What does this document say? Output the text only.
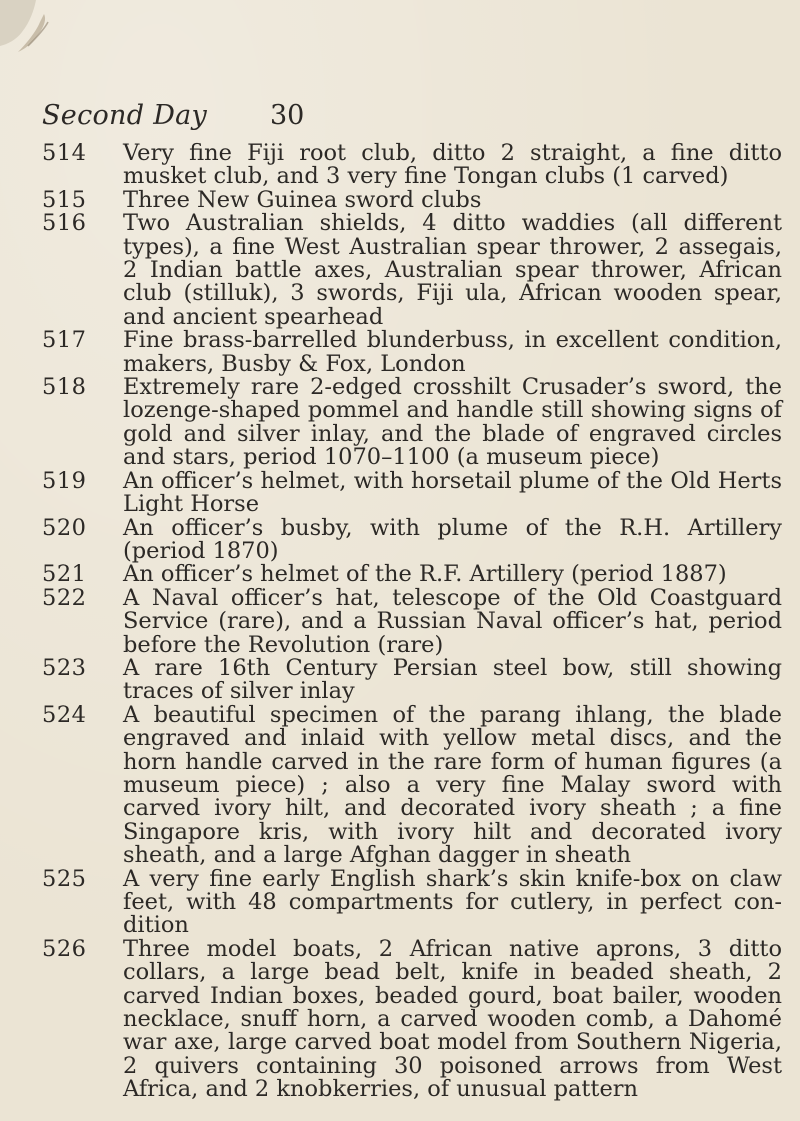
Second Day 30
514	Very fine Fiji root club, ditto 2 straight, a fine ditto musket club, and 3 very fine Tongan clubs (1 carved)
515	Three New Guinea sword clubs
516	Two Australian shields, 4 ditto waddies (all different types), a fine West Australian spear thrower, 2 assegais, 2 Indian battle axes, Australian spear thrower, African club (stilluk), 3 swords, Fiji ula, African wooden spear, and ancient spearhead
517	Fine brass-barrelled blunderbuss, in excellent condition, makers, Busby & Fox, London
518	Extremely rare 2-edged crosshilt Crusader’s sword, the lozenge-shaped pommel and handle still showing signs of gold and silver inlay, and the blade of engraved circles and stars, period 1070–1100 (a museum piece)
519	An officer’s helmet, with horsetail plume of the Old Herts Light Horse
520	An officer’s busby, with plume of the R.H. Artillery (period 1870)
521	An officer’s helmet of the R.F. Artillery (period 1887)
522	A Naval officer’s hat, telescope of the Old Coastguard Service (rare), and a Russian Naval officer’s hat, period before the Revolution (rare)
523	A rare 16th Century Persian steel bow, still showing traces of silver inlay
524	A beautiful specimen of the parang ihlang, the blade engraved and inlaid with yellow metal discs, and the horn handle carved in the rare form of human figures (a museum piece) ; also a very fine Malay sword with carved ivory hilt, and decorated ivory sheath ; a fine Singapore kris, with ivory hilt and decorated ivory sheath, and a large Afghan dagger in sheath
525	A very fine early English shark’s skin knife-box on claw feet, with 48 compartments for cutlery, in perfect con- dition
526	Three model boats, 2 African native aprons, 3 ditto collars, a large bead belt, knife in beaded sheath, 2 carved Indian boxes, beaded gourd, boat bailer, wooden necklace, snuff horn, a carved wooden comb, a Dahomé war axe, large carved boat model from Southern Nigeria, 2 quivers containing 30 poisoned arrows from West Africa, and 2 knobkerries, of unusual pattern
